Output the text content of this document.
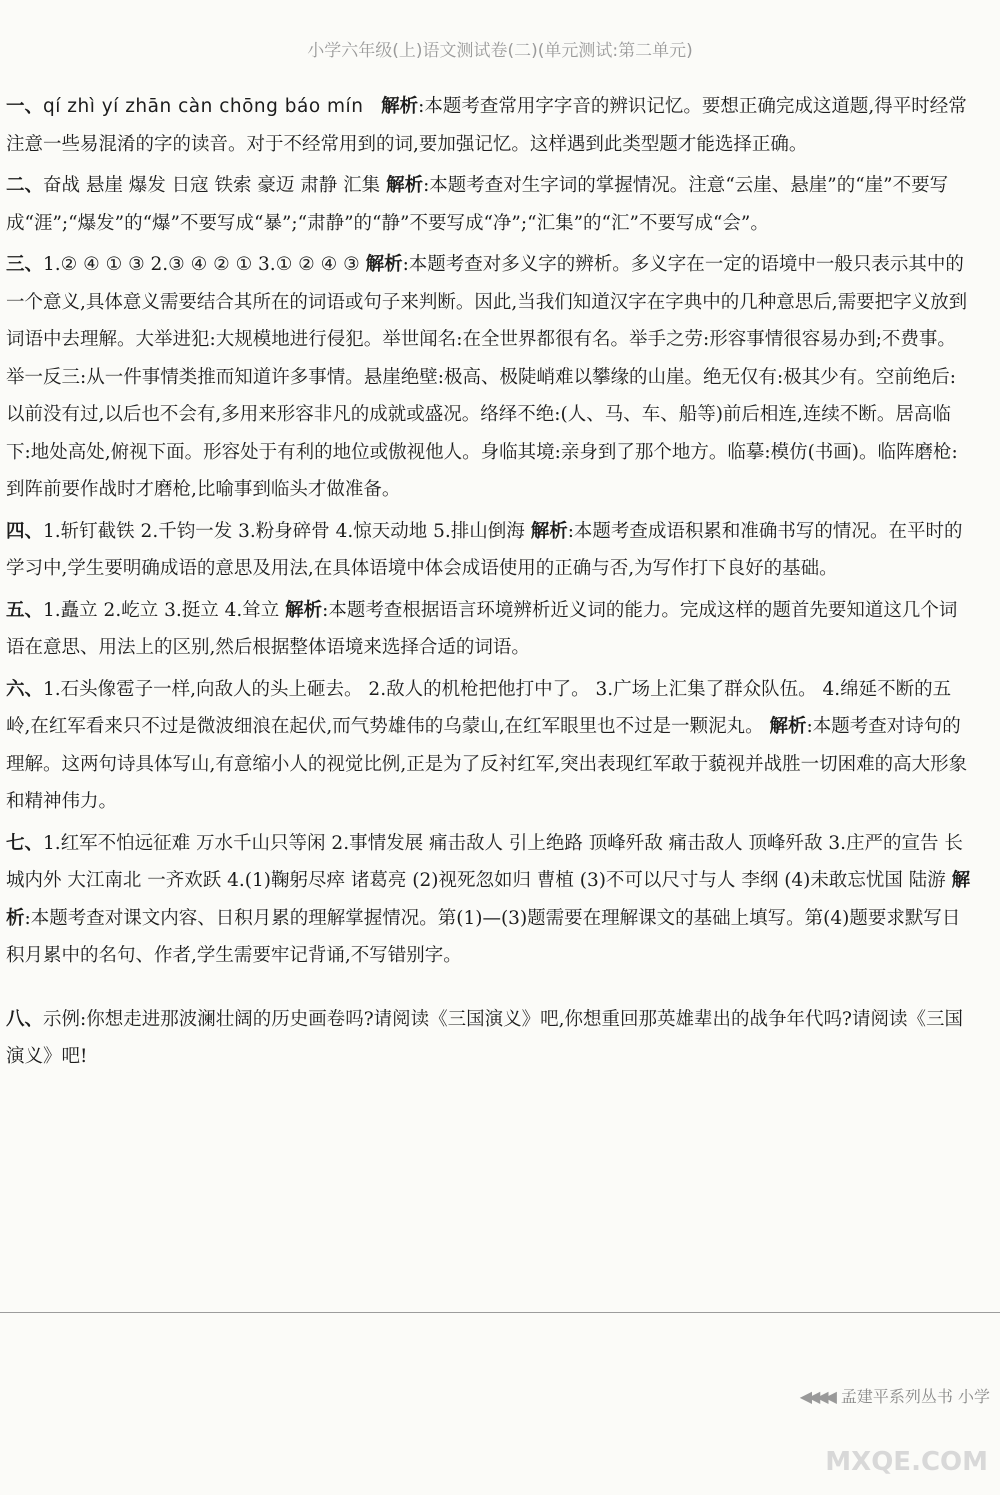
小学六年级(上)语文测试卷(二)(单元测试:第二单元)
一、qí zhì yí zhān càn chōng báo mín 解析:本题考查常用字字音的辨识记忆。要想正确完成这道题,得平时经常注意一些易混淆的字的读音。对于不经常用到的词,要加强记忆。这样遇到此类型题才能选择正确。
二、奋战 悬崖 爆发 日寇 铁索 豪迈 肃静 汇集 解析:本题考查对生字词的掌握情况。注意“云崖、悬崖”的“崖”不要写成“涯”;“爆发”的“爆”不要写成“暴”;“肃静”的“静”不要写成“净”;“汇集”的“汇”不要写成“会”。
三、1.② ④ ① ③ 2.③ ④ ② ① 3.① ② ④ ③ 解析:本题考查对多义字的辨析。多义字在一定的语境中一般只表示其中的一个意义,具体意义需要结合其所在的词语或句子来判断。因此,当我们知道汉字在字典中的几种意思后,需要把字义放到词语中去理解。大举进犯:大规模地进行侵犯。举世闻名:在全世界都很有名。举手之劳:形容事情很容易办到;不费事。举一反三:从一件事情类推而知道许多事情。悬崖绝壁:极高、极陡峭难以攀缘的山崖。绝无仅有:极其少有。空前绝后:以前没有过,以后也不会有,多用来形容非凡的成就或盛况。络绎不绝:(人、马、车、船等)前后相连,连续不断。居高临下:地处高处,俯视下面。形容处于有利的地位或傲视他人。身临其境:亲身到了那个地方。临摹:模仿(书画)。临阵磨枪:到阵前要作战时才磨枪,比喻事到临头才做准备。
四、1.斩钉截铁 2.千钧一发 3.粉身碎骨 4.惊天动地 5.排山倒海 解析:本题考查成语积累和准确书写的情况。在平时的学习中,学生要明确成语的意思及用法,在具体语境中体会成语使用的正确与否,为写作打下良好的基础。
五、1.矗立 2.屹立 3.挺立 4.耸立 解析:本题考查根据语言环境辨析近义词的能力。完成这样的题首先要知道这几个词语在意思、用法上的区别,然后根据整体语境来选择合适的词语。
六、1.石头像雹子一样,向敌人的头上砸去。 2.敌人的机枪把他打中了。 3.广场上汇集了群众队伍。 4.绵延不断的五岭,在红军看来只不过是微波细浪在起伏,而气势雄伟的乌蒙山,在红军眼里也不过是一颗泥丸。 解析:本题考查对诗句的理解。这两句诗具体写山,有意缩小人的视觉比例,正是为了反衬红军,突出表现红军敢于藐视并战胜一切困难的高大形象和精神伟力。
七、1.红军不怕远征难 万水千山只等闲 2.事情发展 痛击敌人 引上绝路 顶峰歼敌 痛击敌人 顶峰歼敌 3.庄严的宣告 长城内外 大江南北 一齐欢跃 4.(1)鞠躬尽瘁 诸葛亮 (2)视死忽如归 曹植 (3)不可以尺寸与人 李纲 (4)未敢忘忧国 陆游 解析:本题考查对课文内容、日积月累的理解掌握情况。第(1)—(3)题需要在理解课文的基础上填写。第(4)题要求默写日积月累中的名句、作者,学生需要牢记背诵,不写错别字。
八、示例:你想走进那波澜壮阔的历史画卷吗?请阅读《三国演义》吧,你想重回那英雄辈出的战争年代吗?请阅读《三国演义》吧!
◀◀◀◀ 孟建平系列丛书 小学
MXQE.COM
